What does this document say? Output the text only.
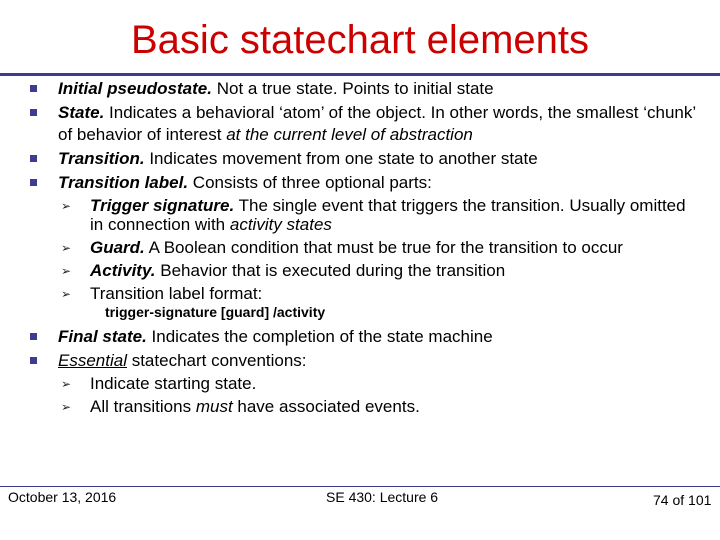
Basic statechart elements
Initial pseudostate. Not a true state. Points to initial state
State. Indicates a behavioral ‘atom’ of the object. In other words, the smallest ‘chunk’ of behavior of interest at the current level of abstraction
Transition. Indicates movement from one state to another state
Transition label. Consists of three optional parts:
➢ Trigger signature. The single event that triggers the transition. Usually omitted in connection with activity states
➢ Guard. A Boolean condition that must be true for the transition to occur
➢ Activity. Behavior that is executed during the transition
➢ Transition label format:
trigger-signature [guard] /activity
Final state. Indicates the completion of the state machine
Essential statechart conventions:
➢ Indicate starting state.
➢ All transitions must have associated events.
October 13, 2016	SE 430: Lecture 6	74 of 101
